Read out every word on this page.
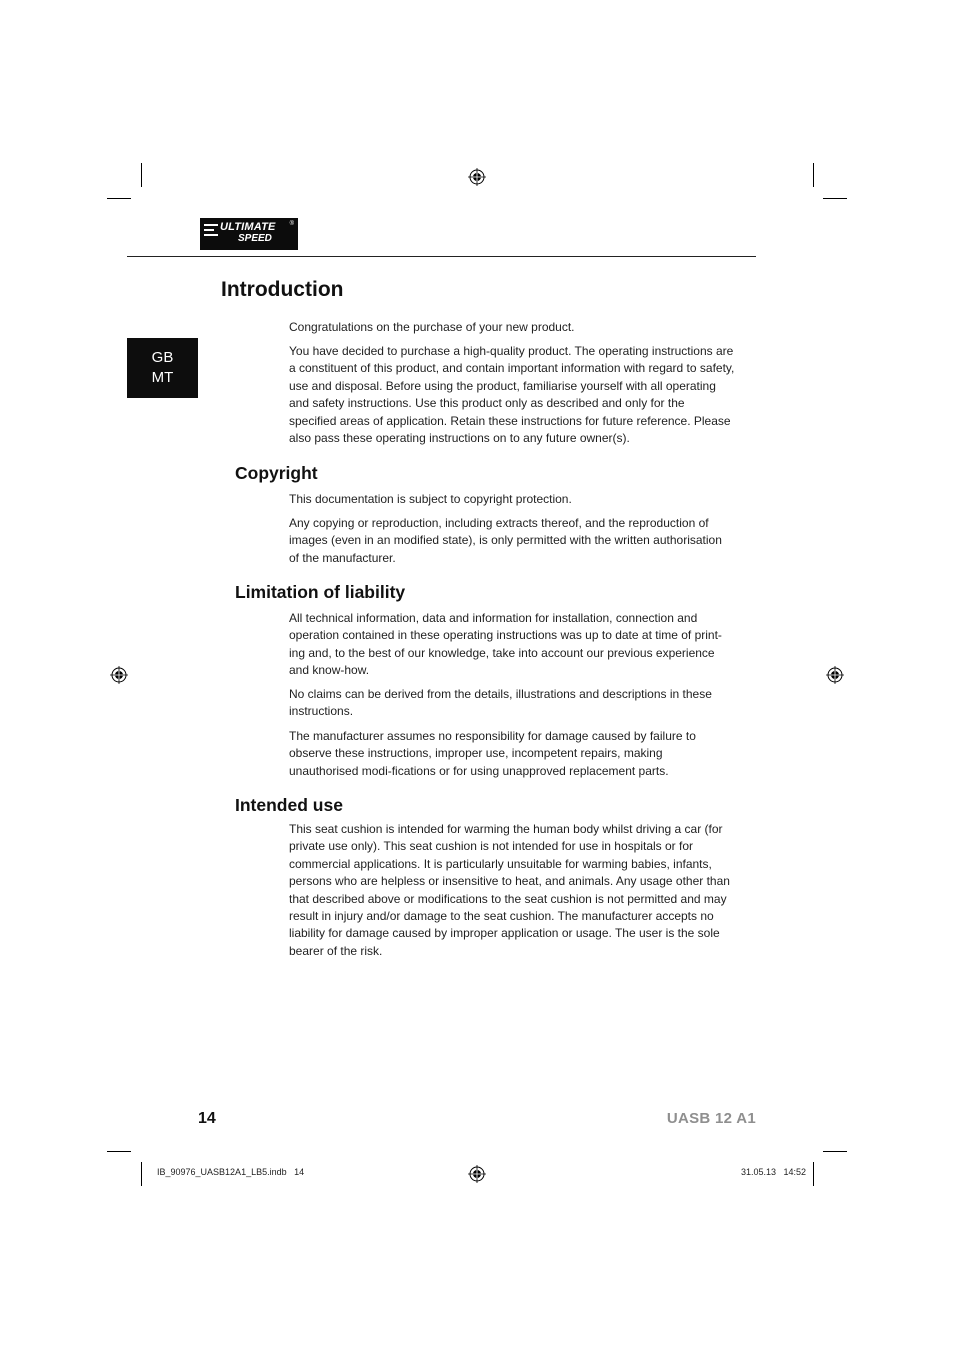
ULTIMATE
SPEED
®
GB
MT
Introduction

Congratulations on the purchase of your new product.

You have decided to purchase a high-quality product. The operating instructions are a constituent of this product, and contain important information with regard to safety, use and disposal. Before using the product, familiarise yourself with all operating and safety instructions. Use this product only as described and only for the specified areas of application. Retain these instructions for future reference. Please also pass these operating instructions on to any future owner(s).

Copyright

This documentation is subject to copyright protection.

Any copying or reproduction, including extracts thereof, and the reproduction of images (even in an modified state), is only permitted with the written authorisation of the manufacturer.

Limitation of liability

All technical information, data and information for installation, connection and operation contained in these operating instructions was up to date at time of print-ing and, to the best of our knowledge, take into account our previous experience and know-how.

No claims can be derived from the details, illustrations and descriptions in these instructions.

The manufacturer assumes no responsibility for damage caused by failure to observe these instructions, improper use, incompetent repairs, making unauthorised modi-fications or for using unapproved replacement parts.

Intended use

This seat cushion is intended for warming the human body whilst driving a car (for private use only). This seat cushion is not intended for use in hospitals or for commercial applications. It is particularly unsuitable for warming babies, infants, persons who are helpless or insensitive to heat, and animals. Any usage other than that described above or modifications to the seat cushion is not permitted and may result in injury and/or damage to the seat cushion. The manufacturer accepts no liability for damage caused by improper application or usage. The user is the sole bearer of the risk.

14	UASB 12 A1
IB_90976_UASB12A1_LB5.indb   14	31.05.13   14:52
